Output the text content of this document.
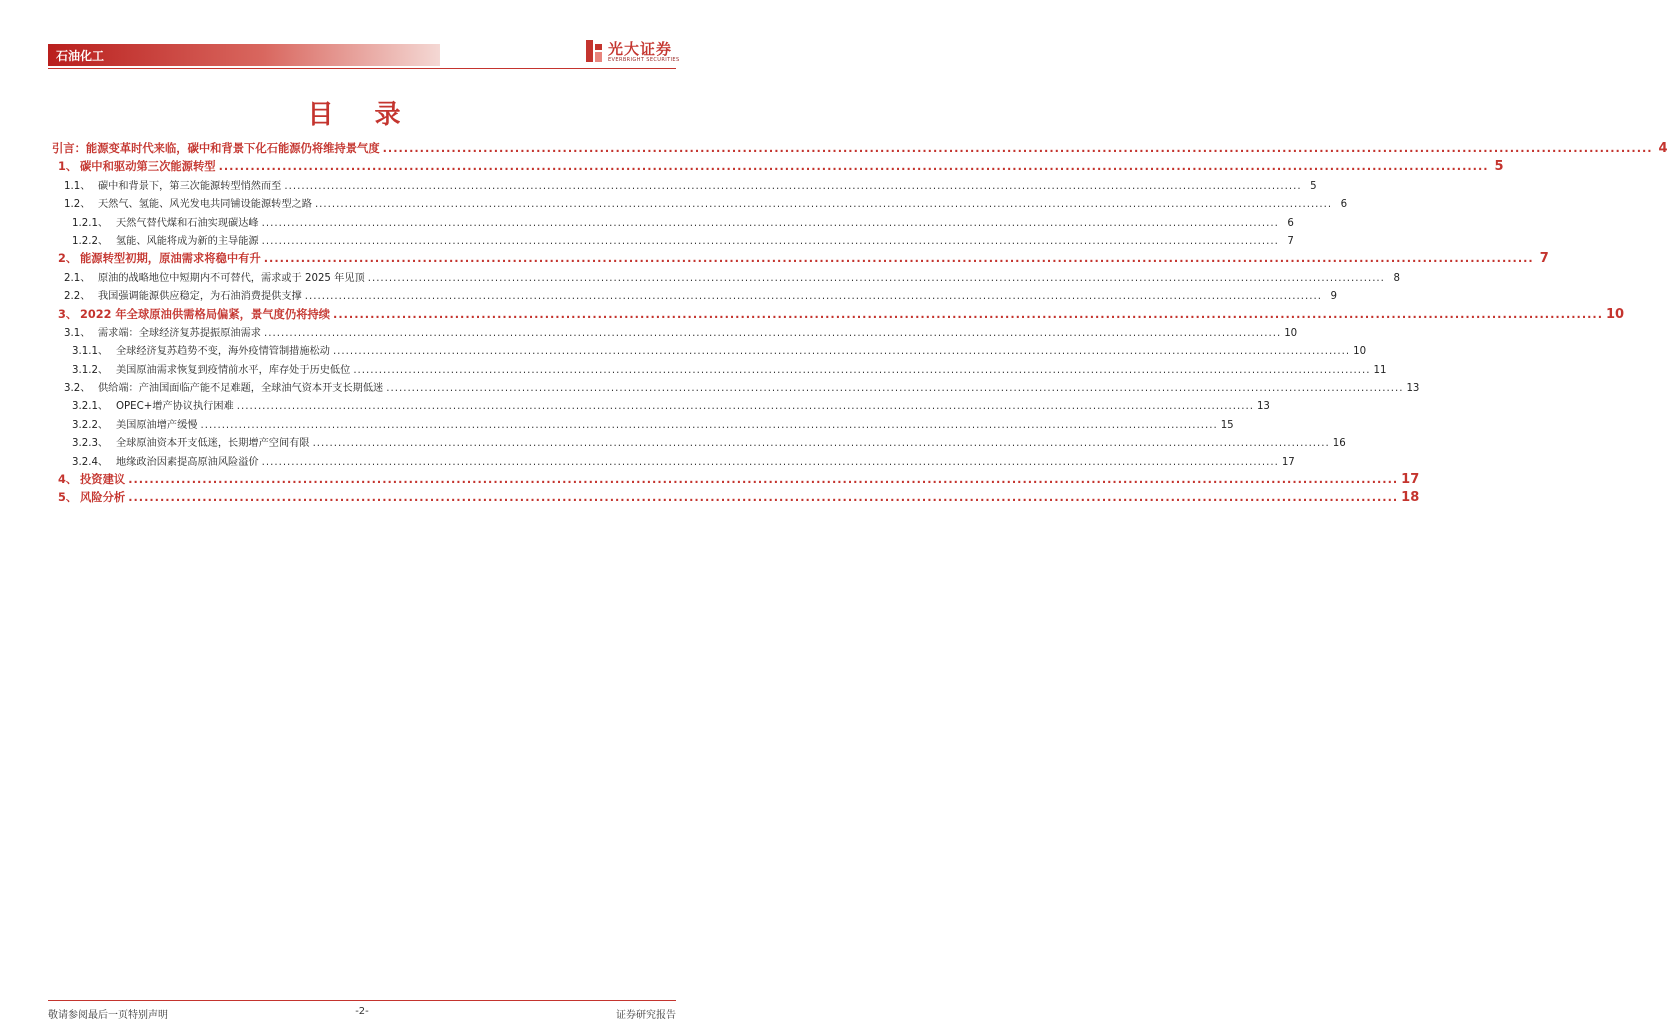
石油化工	光大证券
EVERBRIGHT SECURITIES
目 录
引言：能源变革时代来临，碳中和背景下化石能源仍将维持景气度 ................................................................................................................................................................................................................................................ 4
1、 碳中和驱动第三次能源转型 ................................................................................................................................................................................................................................................ 5
1.1、 碳中和背景下，第三次能源转型悄然而至 ................................................................................................................................................................................................................................................ 5
1.2、 天然气、氢能、风光发电共同铺设能源转型之路 ................................................................................................................................................................................................................................................ 6
1.2.1、 天然气替代煤和石油实现碳达峰 ................................................................................................................................................................................................................................................ 6
1.2.2、 氢能、风能将成为新的主导能源 ................................................................................................................................................................................................................................................ 7
2、 能源转型初期，原油需求将稳中有升 ................................................................................................................................................................................................................................................ 7
2.1、 原油的战略地位中短期内不可替代，需求或于 2025 年见顶 ................................................................................................................................................................................................................................................ 8
2.2、 我国强调能源供应稳定，为石油消费提供支撑 ................................................................................................................................................................................................................................................ 9
3、 2022 年全球原油供需格局偏紧，景气度仍将持续 ................................................................................................................................................................................................................................................ 10
3.1、 需求端：全球经济复苏提振原油需求 ................................................................................................................................................................................................................................................ 10
3.1.1、 全球经济复苏趋势不变，海外疫情管制措施松动 ................................................................................................................................................................................................................................................ 10
3.1.2、 美国原油需求恢复到疫情前水平，库存处于历史低位 ................................................................................................................................................................................................................................................ 11
3.2、 供给端：产油国面临产能不足难题，全球油气资本开支长期低迷 ................................................................................................................................................................................................................................................ 13
3.2.1、 OPEC+增产协议执行困难 ................................................................................................................................................................................................................................................ 13
3.2.2、 美国原油增产缓慢 ................................................................................................................................................................................................................................................ 15
3.2.3、 全球原油资本开支低迷，长期增产空间有限 ................................................................................................................................................................................................................................................ 16
3.2.4、 地缘政治因素提高原油风险溢价 ................................................................................................................................................................................................................................................ 17
4、 投资建议 ................................................................................................................................................................................................................................................ 17
5、 风险分析 ................................................................................................................................................................................................................................................ 18
敬请参阅最后一页特别声明	-2-	证券研究报告
